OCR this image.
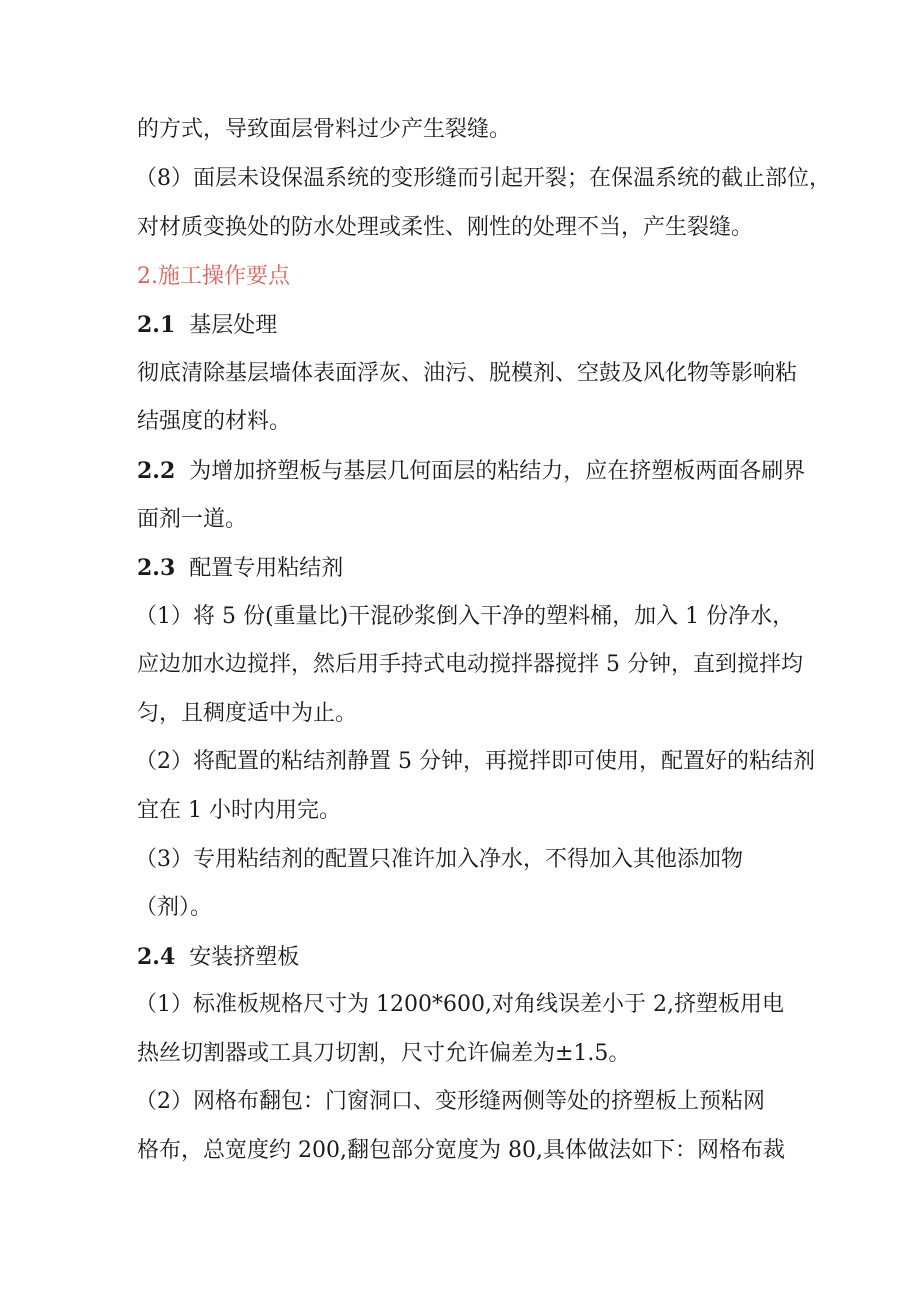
的方式，导致面层骨料过少产生裂缝。
（8）面层未设保温系统的变形缝而引起开裂；在保温系统的截止部位，
对材质变换处的防水处理或柔性、刚性的处理不当，产生裂缝。
2.施工操作要点
2.1 基层处理
彻底清除基层墙体表面浮灰、油污、脱模剂、空鼓及风化物等影响粘
结强度的材料。
2.2 为增加挤塑板与基层几何面层的粘结力，应在挤塑板两面各刷界
面剂一道。
2.3 配置专用粘结剂
（1）将 5 份(重量比)干混砂浆倒入干净的塑料桶，加入 1 份净水，
应边加水边搅拌，然后用手持式电动搅拌器搅拌 5 分钟，直到搅拌均
匀，且稠度适中为止。
（2）将配置的粘结剂静置 5 分钟，再搅拌即可使用，配置好的粘结剂
宜在 1 小时内用完。
（3）专用粘结剂的配置只准许加入净水，不得加入其他添加物
（剂）。
2.4 安装挤塑板
（1）标准板规格尺寸为 1200*600,对角线误差小于 2,挤塑板用电
热丝切割器或工具刀切割，尺寸允许偏差为±1.5。
（2）网格布翻包：门窗洞口、变形缝两侧等处的挤塑板上预粘网
格布，总宽度约 200,翻包部分宽度为 80,具体做法如下：网格布裁
